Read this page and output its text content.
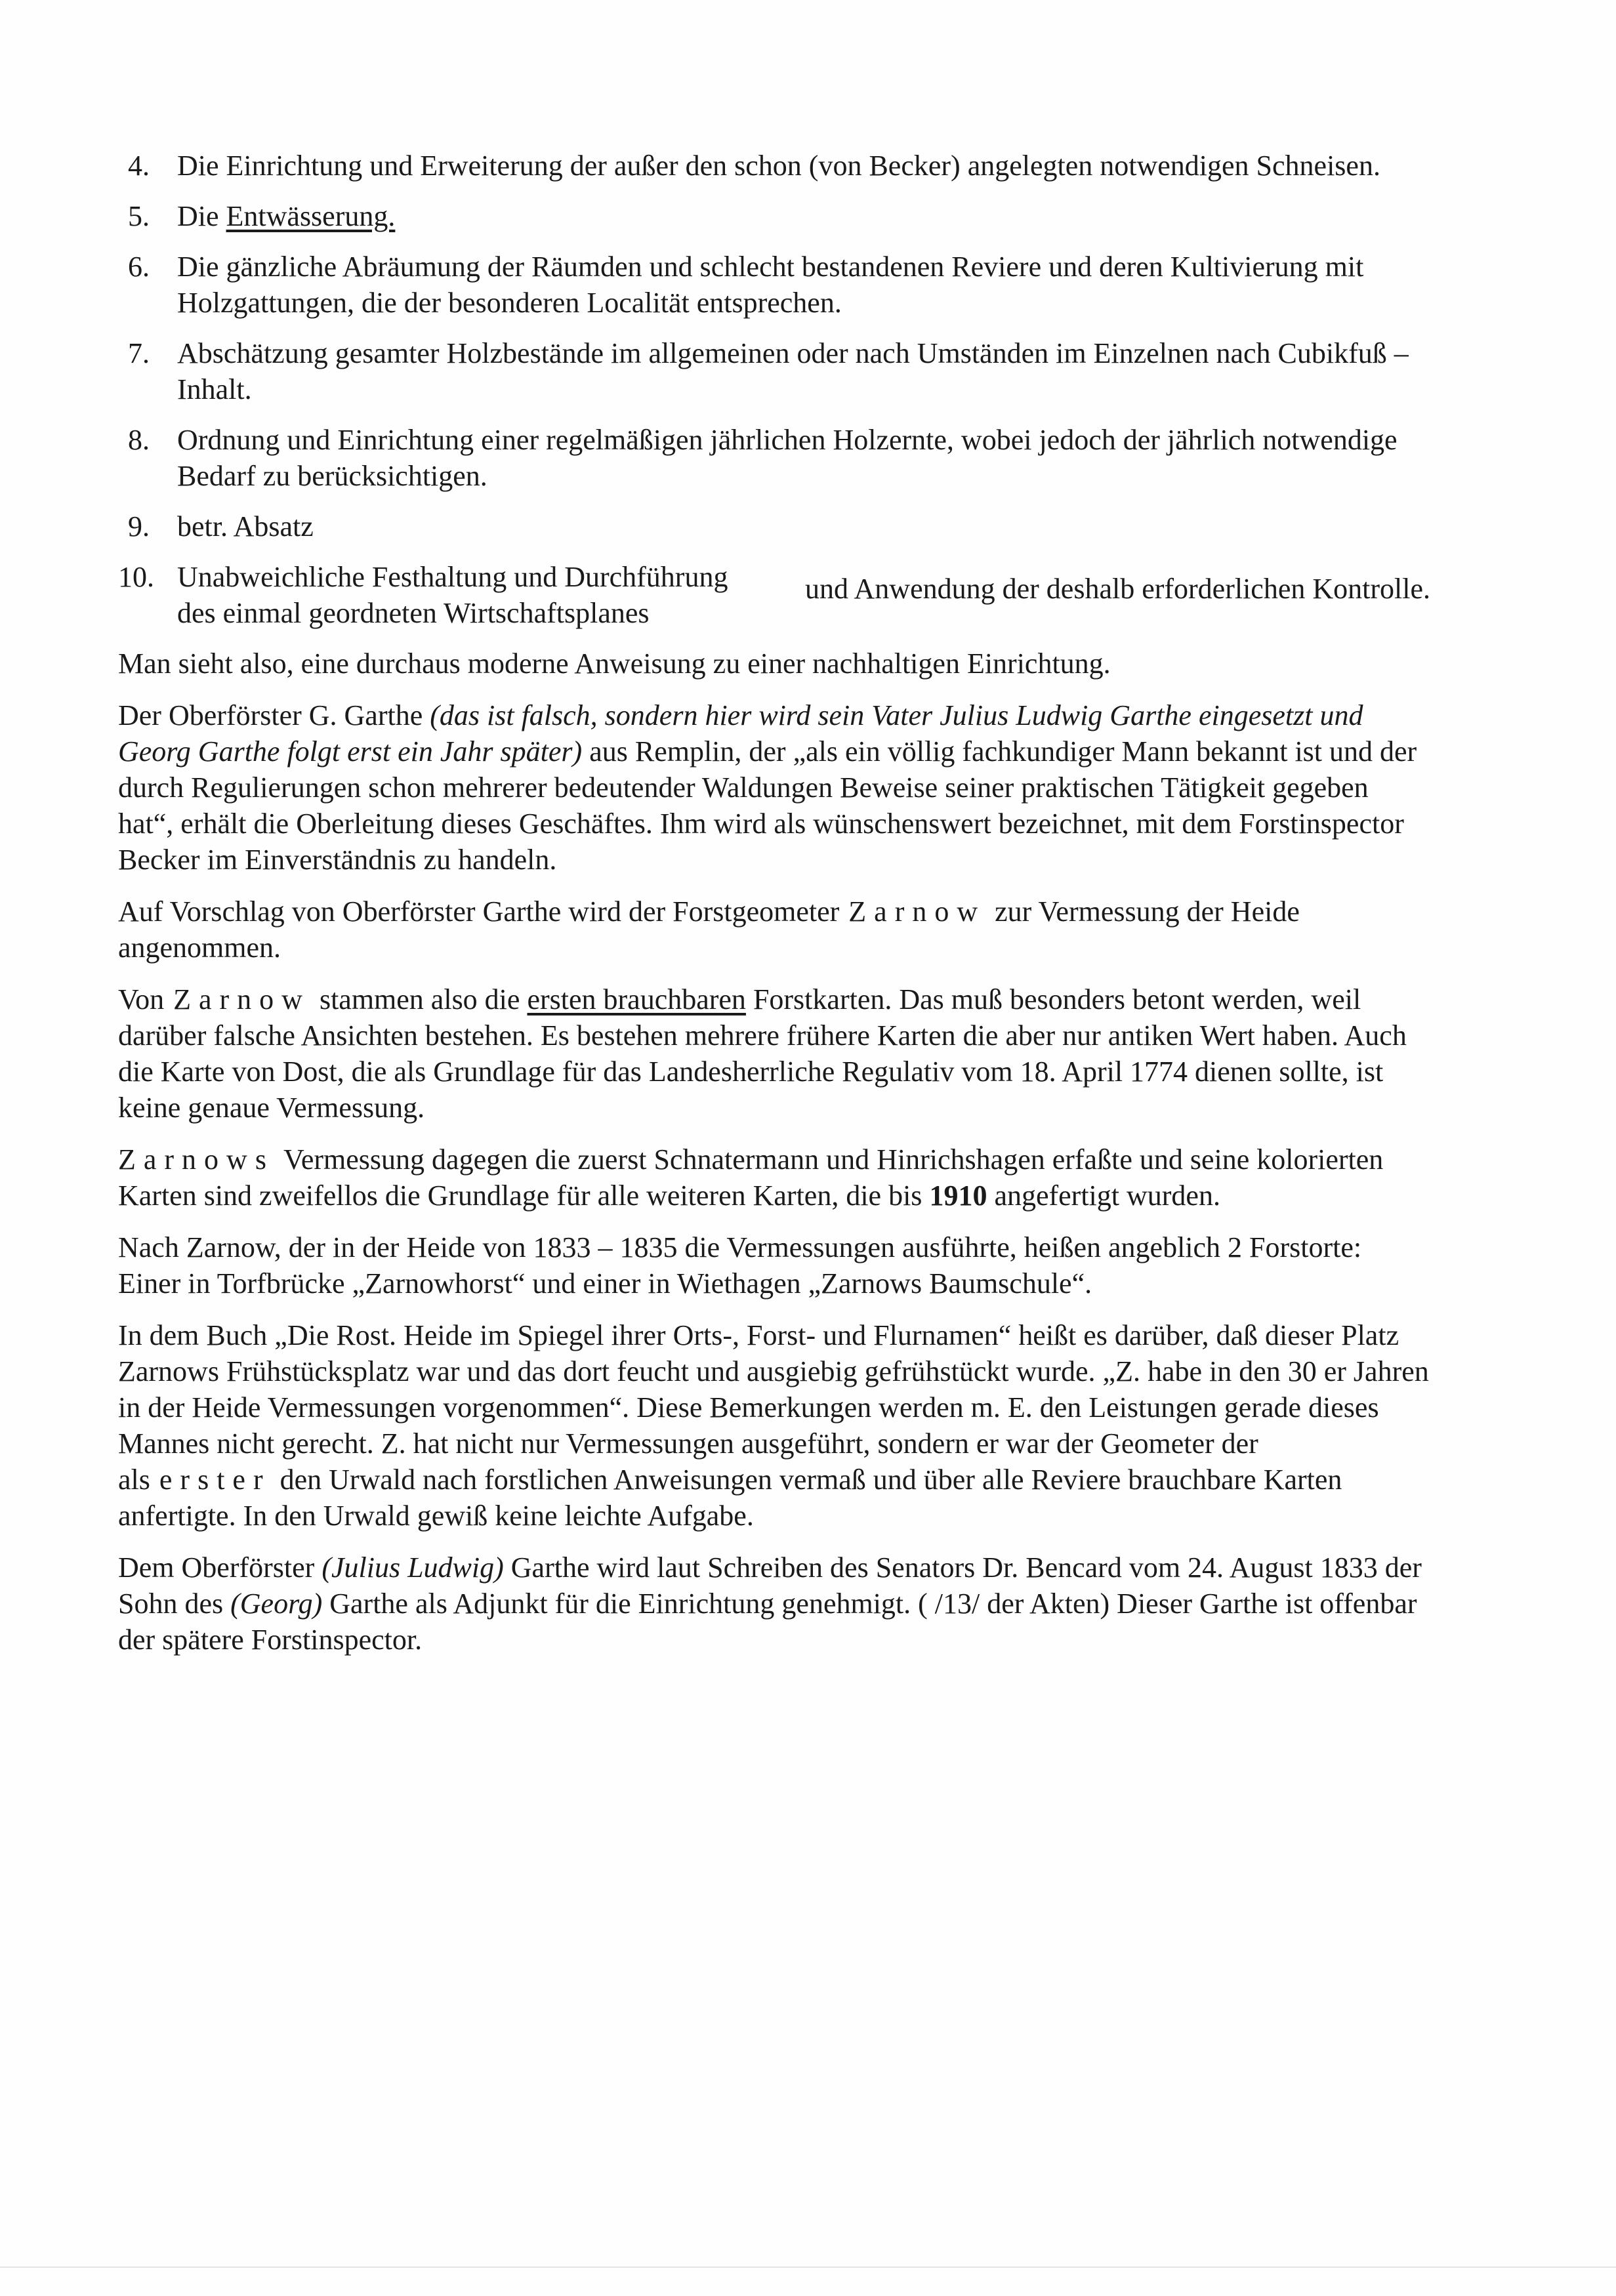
4. Die Einrichtung und Erweiterung der außer den schon (von Becker) angelegten notwendigen Schneisen.
5. Die Entwässerung.
6. Die gänzliche Abräumung der Räumden und schlecht bestandenen Reviere und deren Kultivierung mit Holzgattungen, die der besonderen Localität entsprechen.
7. Abschätzung gesamter Holzbestände im allgemeinen oder nach Umständen im Einzelnen nach Cubikfuß – Inhalt.
8. Ordnung und Einrichtung einer regelmäßigen jährlichen Holzernte, wobei jedoch der jährlich notwendige Bedarf zu berücksichtigen.
9. betr. Absatz
10. Unabweichliche Festhaltung und Durchführung des einmal geordneten Wirtschaftsplanes
und Anwendung der deshalb erforderlichen Kontrolle.

Man sieht also, eine durchaus moderne Anweisung zu einer nachhaltigen Einrichtung.

Der Oberförster G. Garthe (das ist falsch, sondern hier wird sein Vater Julius Ludwig Garthe eingesetzt und Georg Garthe folgt erst ein Jahr später) aus Remplin, der „als ein völlig fachkundiger Mann bekannt ist und der durch Regulierungen schon mehrerer bedeutender Waldungen Beweise seiner praktischen Tätigkeit gegeben hat“, erhält die Oberleitung dieses Geschäftes. Ihm wird als wünschenswert bezeichnet, mit dem Forstinspector Becker im Einverständnis zu handeln.

Auf Vorschlag von Oberförster Garthe wird der Forstgeometer Zarnow zur Vermessung der Heide angenommen.

Von Zarnow stammen also die ersten brauchbaren Forstkarten. Das muß besonders betont werden, weil darüber falsche Ansichten bestehen. Es bestehen mehrere frühere Karten die aber nur antiken Wert haben. Auch die Karte von Dost, die als Grundlage für das Landesherrliche Regulativ vom 18. April 1774 dienen sollte, ist keine genaue Vermessung.

Zarnows Vermessung dagegen die zuerst Schnatermann und Hinrichshagen erfaßte und seine kolorierten Karten sind zweifellos die Grundlage für alle weiteren Karten, die bis 1910 angefertigt wurden.

Nach Zarnow, der in der Heide von 1833 – 1835 die Vermessungen ausführte, heißen angeblich 2 Forstorte: Einer in Torfbrücke „Zarnowhorst“ und einer in Wiethagen „Zarnows Baumschule“.

In dem Buch „Die Rost. Heide im Spiegel ihrer Orts-, Forst- und Flurnamen“ heißt es darüber, daß dieser Platz Zarnows Frühstücksplatz war und das dort feucht und ausgiebig gefrühstückt wurde. „Z. habe in den 30 er Jahren in der Heide Vermessungen vorgenommen“. Diese Bemerkungen werden m. E. den Leistungen gerade dieses Mannes nicht gerecht. Z. hat nicht nur Vermessungen ausgeführt, sondern er war der Geometer der als erster den Urwald nach forstlichen Anweisungen vermaß und über alle Reviere brauchbare Karten anfertigte. In den Urwald gewiß keine leichte Aufgabe.

Dem Oberförster (Julius Ludwig) Garthe wird laut Schreiben des Senators Dr. Bencard vom 24. August 1833 der Sohn des (Georg) Garthe als Adjunkt für die Einrichtung genehmigt. ( /13/ der Akten) Dieser Garthe ist offenbar der spätere Forstinspector.
